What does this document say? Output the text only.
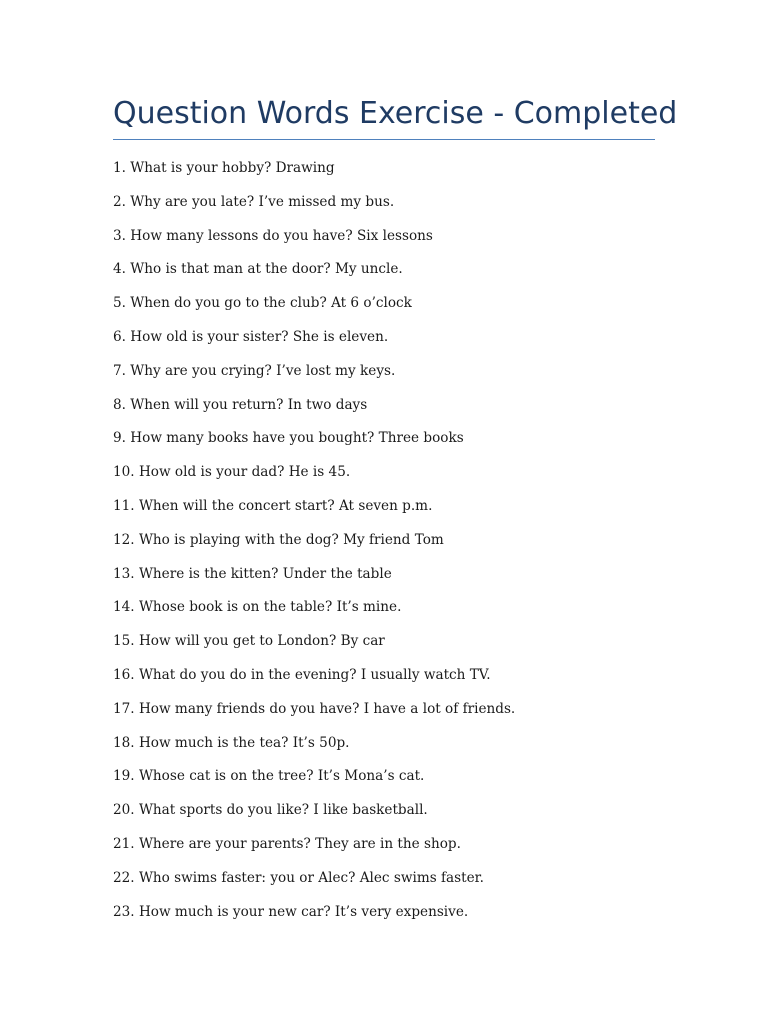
Question Words Exercise - Completed
1. What is your hobby? Drawing
2. Why are you late? I’ve missed my bus.
3. How many lessons do you have? Six lessons
4. Who is that man at the door? My uncle.
5. When do you go to the club? At 6 o’clock
6. How old is your sister? She is eleven.
7. Why are you crying? I’ve lost my keys.
8. When will you return? In two days
9. How many books have you bought? Three books
10. How old is your dad? He is 45.
11. When will the concert start? At seven p.m.
12. Who is playing with the dog? My friend Tom
13. Where is the kitten? Under the table
14. Whose book is on the table? It’s mine.
15. How will you get to London? By car
16. What do you do in the evening? I usually watch TV.
17. How many friends do you have? I have a lot of friends.
18. How much is the tea? It’s 50p.
19. Whose cat is on the tree? It’s Mona’s cat.
20. What sports do you like? I like basketball.
21. Where are your parents? They are in the shop.
22. Who swims faster: you or Alec? Alec swims faster.
23. How much is your new car? It’s very expensive.
